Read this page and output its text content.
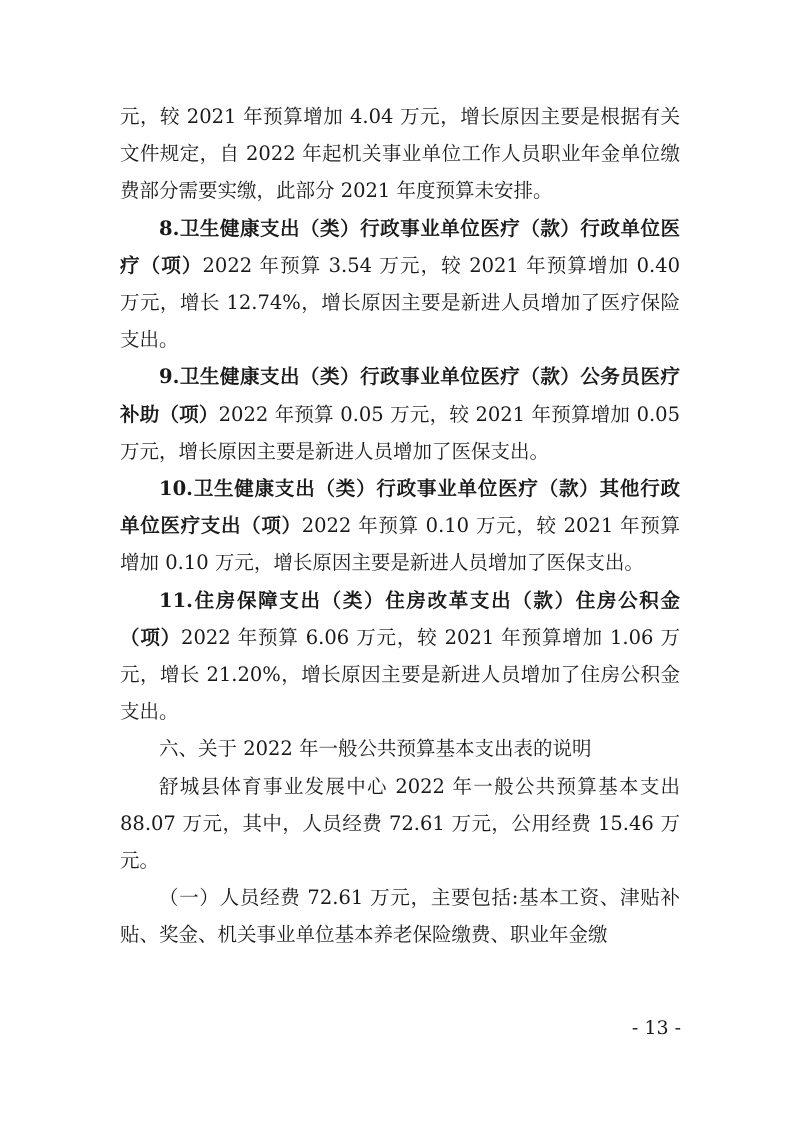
元，较 2021 年预算增加 4.04 万元，增长原因主要是根据有关文件规定，自 2022 年起机关事业单位工作人员职业年金单位缴费部分需要实缴，此部分 2021 年度预算未安排。

8.卫生健康支出（类）行政事业单位医疗（款）行政单位医疗（项）2022 年预算 3.54 万元，较 2021 年预算增加 0.40 万元，增长 12.74%，增长原因主要是新进人员增加了医疗保险支出。

9.卫生健康支出（类）行政事业单位医疗（款）公务员医疗补助（项）2022 年预算 0.05 万元，较 2021 年预算增加 0.05 万元，增长原因主要是新进人员增加了医保支出。

10.卫生健康支出（类）行政事业单位医疗（款）其他行政单位医疗支出（项）2022 年预算 0.10 万元，较 2021 年预算增加 0.10 万元，增长原因主要是新进人员增加了医保支出。

11.住房保障支出（类）住房改革支出（款）住房公积金（项）2022 年预算 6.06 万元，较 2021 年预算增加 1.06 万元，增长 21.20%，增长原因主要是新进人员增加了住房公积金支出。

六、关于 2022 年一般公共预算基本支出表的说明

舒城县体育事业发展中心 2022 年一般公共预算基本支出 88.07 万元，其中，人员经费 72.61 万元，公用经费 15.46 万元。

（一）人员经费 72.61 万元，主要包括:基本工资、津贴补贴、奖金、机关事业单位基本养老保险缴费、职业年金缴

- 13 -
